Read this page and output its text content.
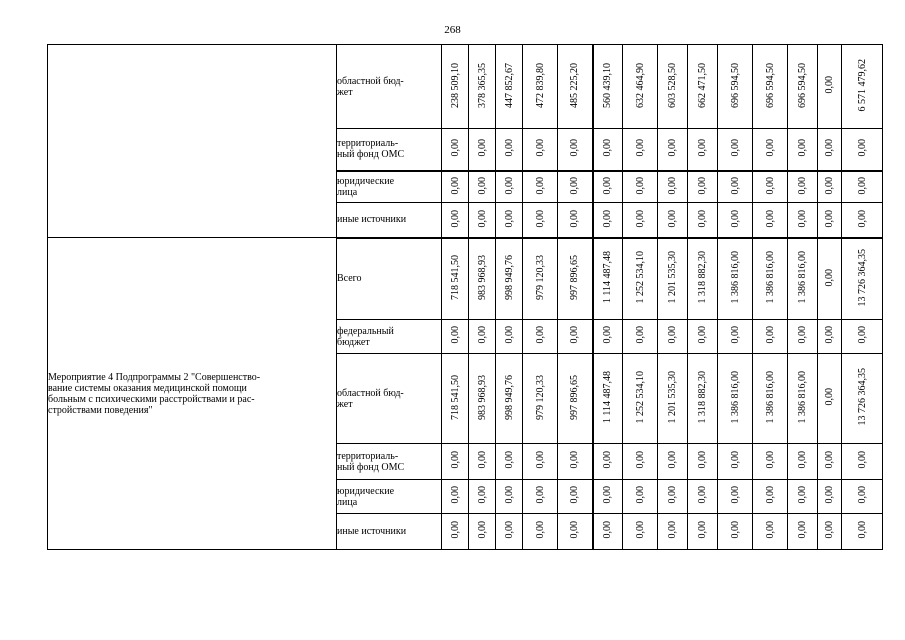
268
	областной бюд-
жет	238 509,10	378 365,35	447 852,67	472 839,80	485 225,20	560 439,10	632 464,90	603 528,50	662 471,50	696 594,50	696 594,50	696 594,50	0,00	6 571 479,62
	территориаль-
ный фонд ОМС	0,00	0,00	0,00	0,00	0,00	0,00	0,00	0,00	0,00	0,00	0,00	0,00	0,00	0,00
	юридические
лица	0,00	0,00	0,00	0,00	0,00	0,00	0,00	0,00	0,00	0,00	0,00	0,00	0,00	0,00
	иные источники	0,00	0,00	0,00	0,00	0,00	0,00	0,00	0,00	0,00	0,00	0,00	0,00	0,00	0,00
Мероприятие 4 Подпрограммы 2 "Совершенство-
вание системы оказания медицинской помощи
больным с психическими расстройствами и рас-
стройствами поведения"	Всего	718 541,50	983 968,93	998 949,76	979 120,33	997 896,65	1 114 487,48	1 252 534,10	1 201 535,30	1 318 882,30	1 386 816,00	1 386 816,00	1 386 816,00	0,00	13 726 364,35
	федеральный
бюджет	0,00	0,00	0,00	0,00	0,00	0,00	0,00	0,00	0,00	0,00	0,00	0,00	0,00	0,00
	областной бюд-
жет	718 541,50	983 968,93	998 949,76	979 120,33	997 896,65	1 114 487,48	1 252 534,10	1 201 535,30	1 318 882,30	1 386 816,00	1 386 816,00	1 386 816,00	0,00	13 726 364,35
	территориаль-
ный фонд ОМС	0,00	0,00	0,00	0,00	0,00	0,00	0,00	0,00	0,00	0,00	0,00	0,00	0,00	0,00
	юридические
лица	0,00	0,00	0,00	0,00	0,00	0,00	0,00	0,00	0,00	0,00	0,00	0,00	0,00	0,00
	иные источники	0,00	0,00	0,00	0,00	0,00	0,00	0,00	0,00	0,00	0,00	0,00	0,00	0,00	0,00
